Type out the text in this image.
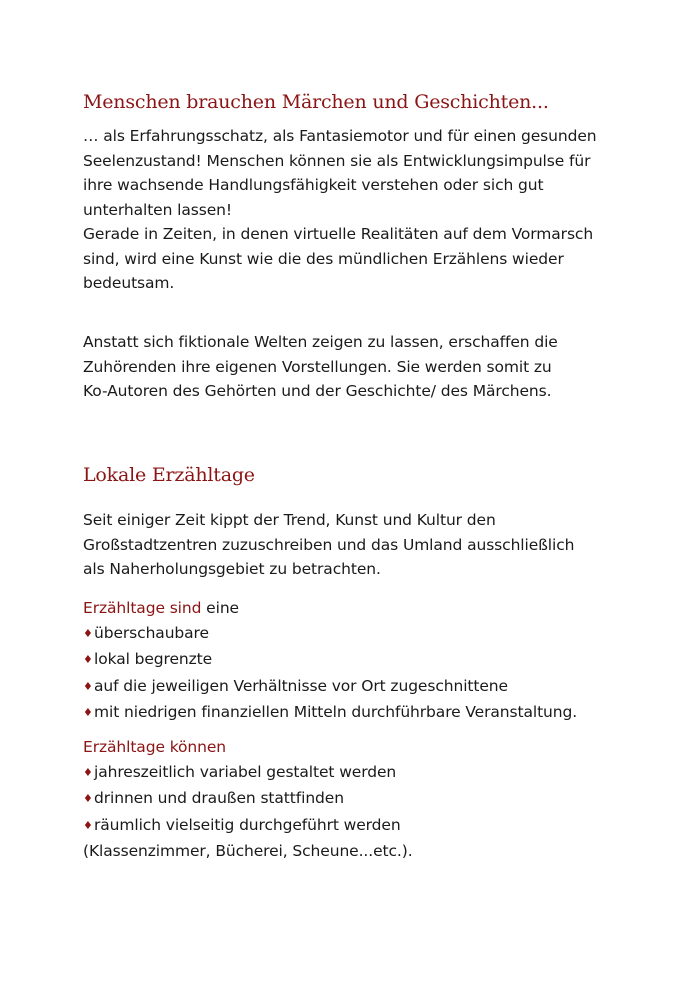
Menschen brauchen Märchen und Geschichten...

… als Erfahrungsschatz, als Fantasiemotor und für einen gesunden
Seelenzustand! Menschen können sie als Entwicklungsimpulse für
ihre wachsende Handlungsfähigkeit verstehen oder sich gut
unterhalten lassen!
Gerade in Zeiten, in denen virtuelle Realitäten auf dem Vormarsch
sind, wird eine Kunst wie die des mündlichen Erzählens wieder
bedeutsam.

Anstatt sich fiktionale Welten zeigen zu lassen, erschaffen die
Zuhörenden ihre eigenen Vorstellungen. Sie werden somit zu
Ko-Autoren des Gehörten und der Geschichte/ des Märchens.

Lokale Erzähltage

Seit einiger Zeit kippt der Trend, Kunst und Kultur den
Großstadtzentren zuzuschreiben und das Umland ausschließlich
als Naherholungsgebiet zu betrachten.

Erzähltage sind eine
♦ überschaubare
♦ lokal begrenzte
♦ auf die jeweiligen Verhältnisse vor Ort zugeschnittene
♦ mit niedrigen finanziellen Mitteln durchführbare Veranstaltung.
Erzähltage können
♦ jahreszeitlich variabel gestaltet werden
♦ drinnen und draußen stattfinden
♦ räumlich vielseitig durchgeführt werden
(Klassenzimmer, Bücherei, Scheune...etc.).
